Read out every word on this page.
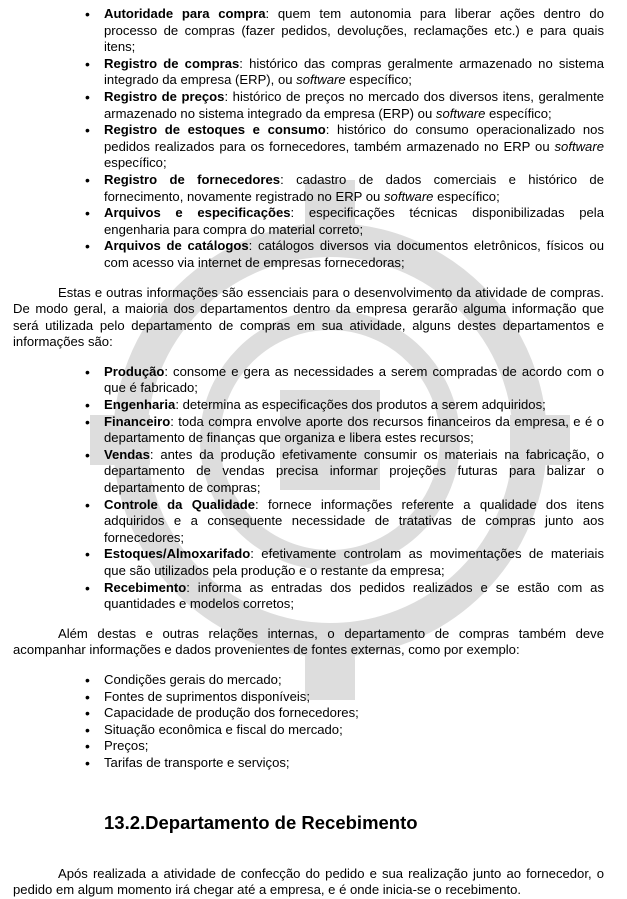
• Autoridade para compra: quem tem autonomia para liberar ações dentro do processo de compras (fazer pedidos, devoluções, reclamações etc.) e para quais itens;
• Registro de compras: histórico das compras geralmente armazenado no sistema integrado da empresa (ERP), ou software específico;
• Registro de preços: histórico de preços no mercado dos diversos itens, geralmente armazenado no sistema integrado da empresa (ERP) ou software específico;
• Registro de estoques e consumo: histórico do consumo operacionalizado nos pedidos realizados para os fornecedores, também armazenado no ERP ou software específico;
• Registro de fornecedores: cadastro de dados comerciais e histórico de fornecimento, novamente registrado no ERP ou software específico;
• Arquivos e especificações: especificações técnicas disponibilizadas pela engenharia para compra do material correto;
• Arquivos de catálogos: catálogos diversos via documentos eletrônicos, físicos ou com acesso via internet de empresas fornecedoras;

Estas e outras informações são essenciais para o desenvolvimento da atividade de compras. De modo geral, a maioria dos departamentos dentro da empresa gerarão alguma informação que será utilizada pelo departamento de compras em sua atividade, alguns destes departamentos e informações são:

• Produção: consome e gera as necessidades a serem compradas de acordo com o que é fabricado;
• Engenharia: determina as especificações dos produtos a serem adquiridos;
• Financeiro: toda compra envolve aporte dos recursos financeiros da empresa, e é o departamento de finanças que organiza e libera estes recursos;
• Vendas: antes da produção efetivamente consumir os materiais na fabricação, o departamento de vendas precisa informar projeções futuras para balizar o departamento de compras;
• Controle da Qualidade: fornece informações referente a qualidade dos itens adquiridos e a consequente necessidade de tratativas de compras junto aos fornecedores;
• Estoques/Almoxarifado: efetivamente controlam as movimentações de materiais que são utilizados pela produção e o restante da empresa;
• Recebimento: informa as entradas dos pedidos realizados e se estão com as quantidades e modelos corretos;

Além destas e outras relações internas, o departamento de compras também deve acompanhar informações e dados provenientes de fontes externas, como por exemplo:

• Condições gerais do mercado;
• Fontes de suprimentos disponíveis;
• Capacidade de produção dos fornecedores;
• Situação econômica e fiscal do mercado;
• Preços;
• Tarifas de transporte e serviços;
13.2.Departamento de Recebimento

Após realizada a atividade de confecção do pedido e sua realização junto ao fornecedor, o pedido em algum momento irá chegar até a empresa, e é onde inicia-se o recebimento.
